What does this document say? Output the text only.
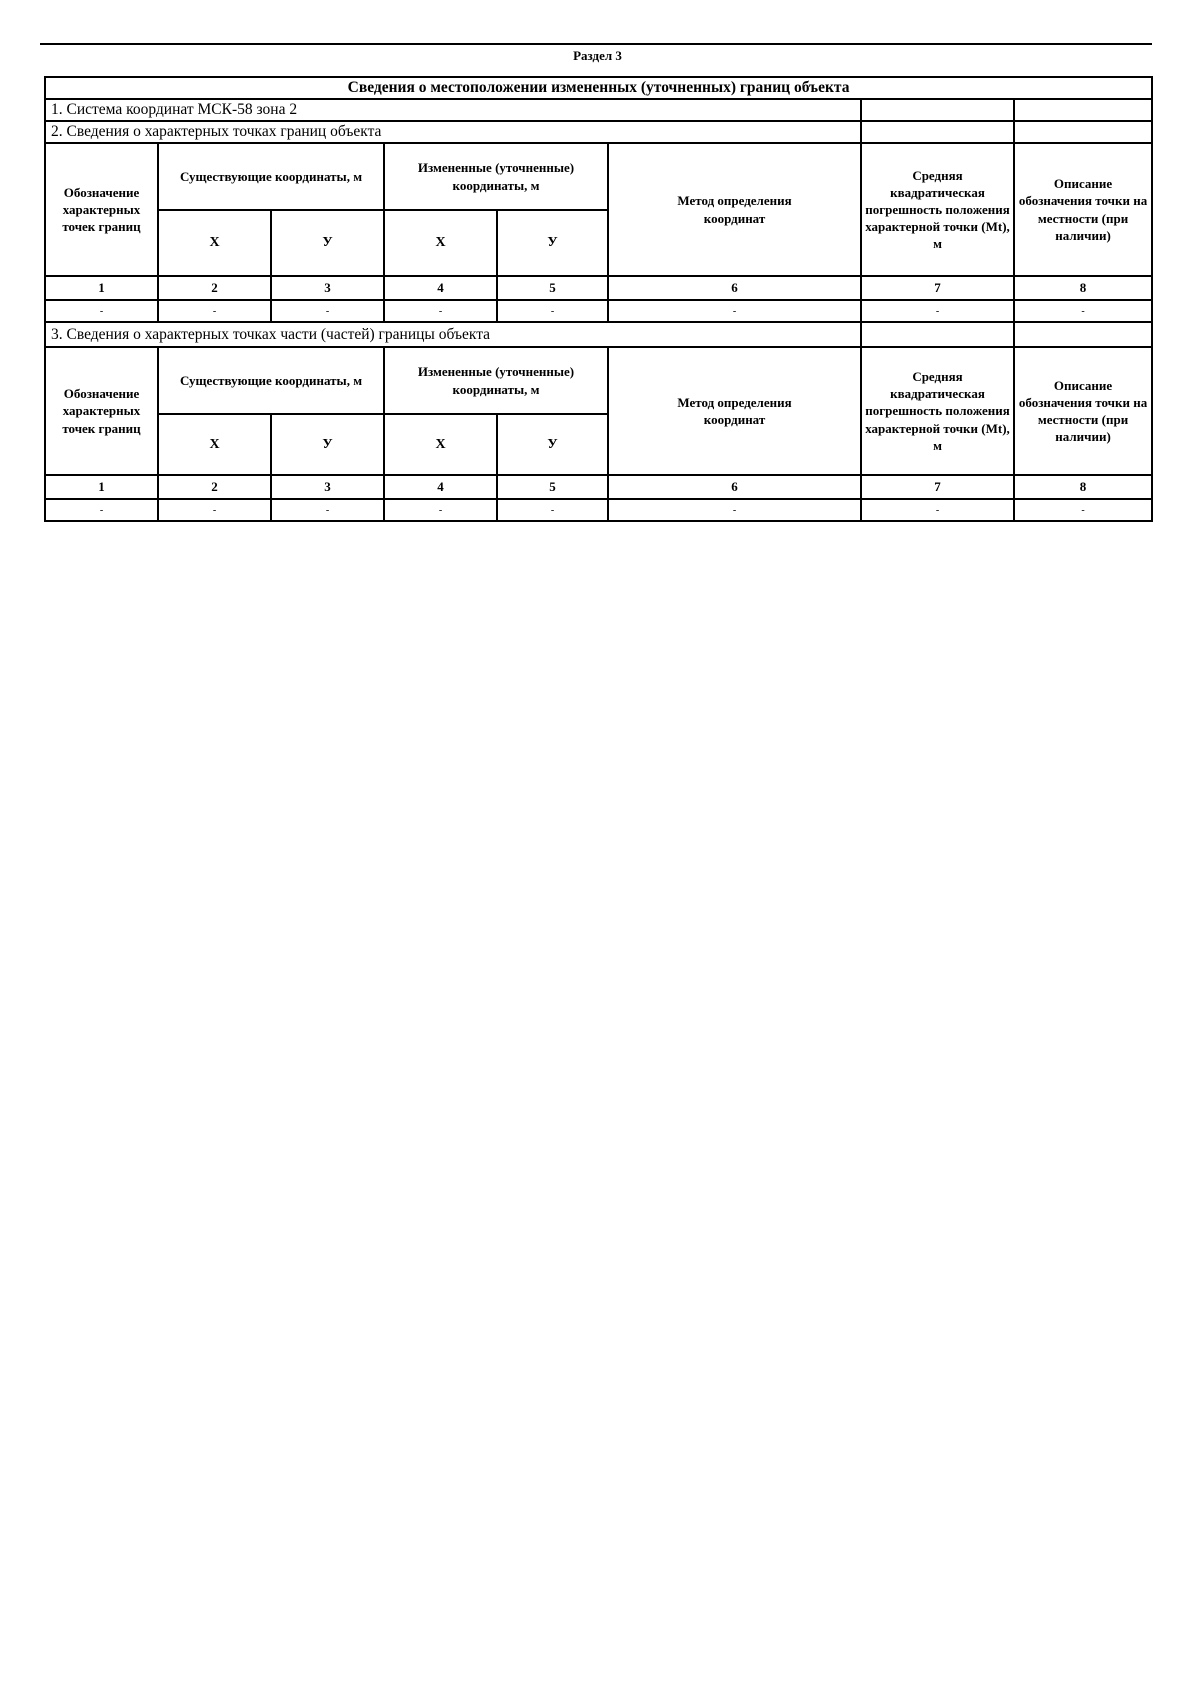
Раздел 3
Сведения о местоположении измененных (уточненных) границ объекта							
1. Система координат МСК-58 зона 2							
2. Сведения о характерных точках границ объекта							
Обозначение характерных точек границ	Существующие координаты, м		Измененные (уточненные) координаты, м		Метод определения координат	Средняя квадратическая погрешность положения характерной точки (Mt), м	Описание обозначения точки на местности (при наличии)
	Х	У	Х	У			
1	2	3	4	5	6	7	8
-	-	-	-	-	-	-	-
3. Сведения о характерных точках части (частей) границы объекта							
Обозначение характерных точек границ	Существующие координаты, м		Измененные (уточненные) координаты, м		Метод определения координат	Средняя квадратическая погрешность положения характерной точки (Mt), м	Описание обозначения точки на местности (при наличии)
	Х	У	Х	У			
1	2	3	4	5	6	7	8
-	-	-	-	-	-	-	-
